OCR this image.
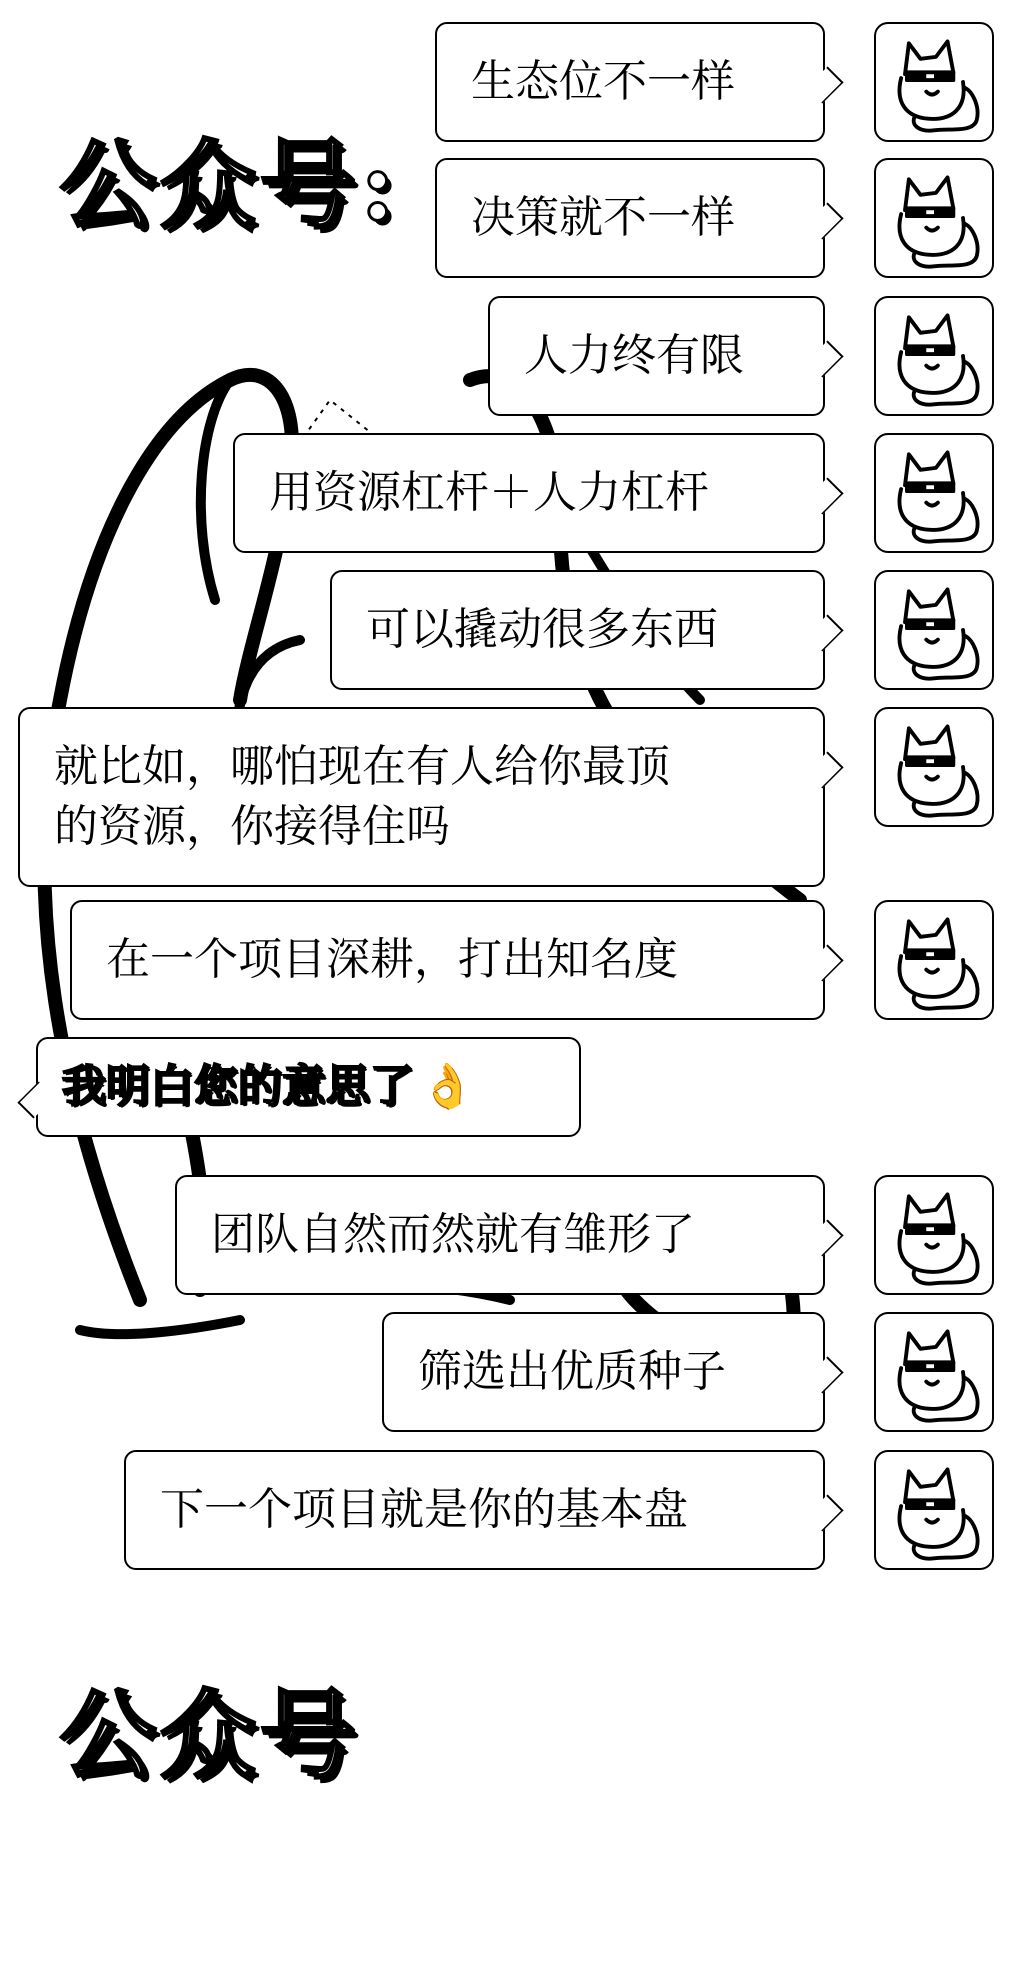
公众号:
公众号
生态位不一样
决策就不一样
人力终有限
用资源杠杆＋人力杠杆
可以撬动很多东西
就比如，哪怕现在有人给你最顶
的资源，你接得住吗
在一个项目深耕，打出知名度
我明白您的意思了 👌
团队自然而然就有雏形了
筛选出优质种子
下一个项目就是你的基本盘
